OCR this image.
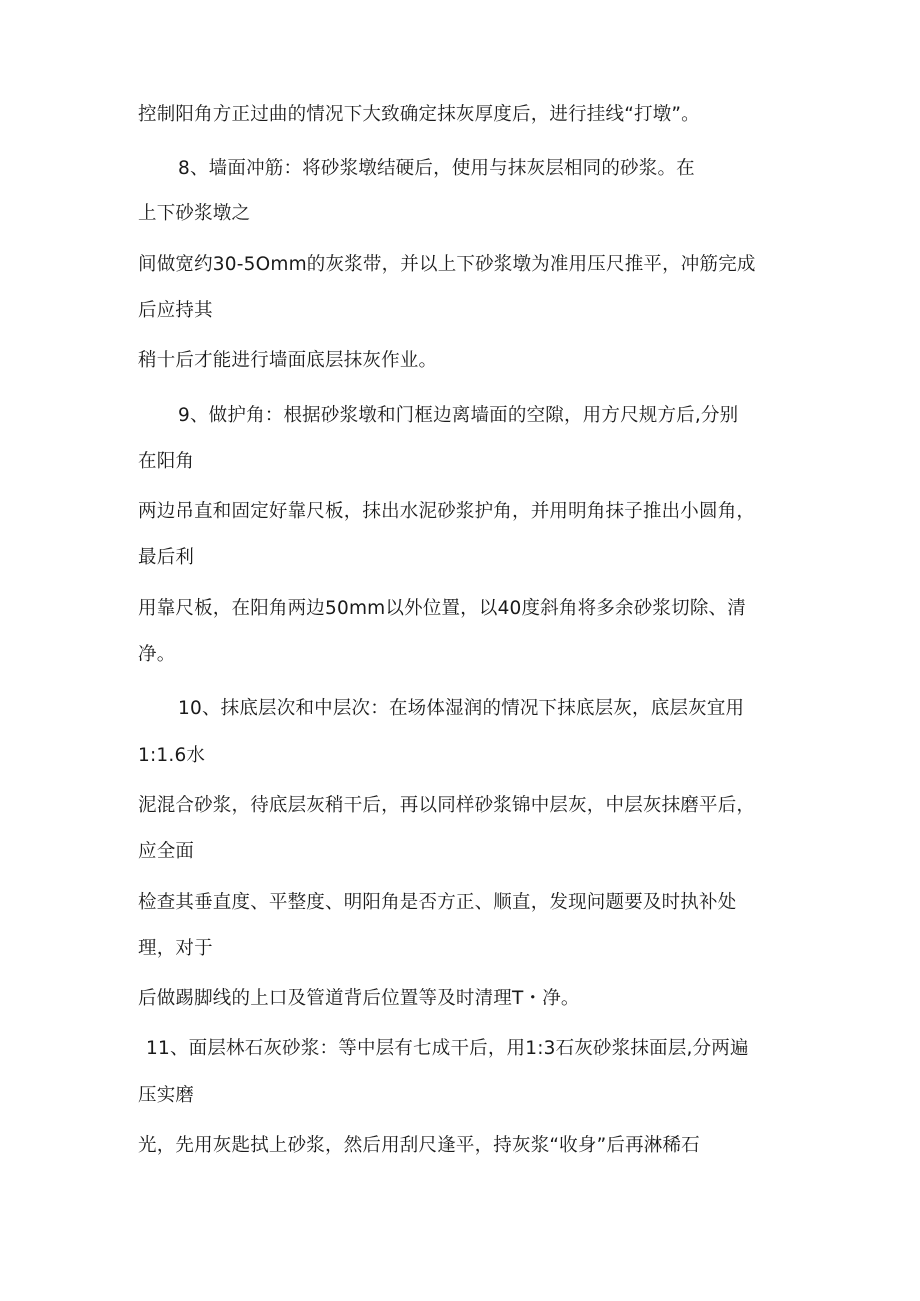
控制阳角方正过曲的情况下大致确定抹灰厚度后，进行挂线“打墩”。
8、墙面冲筋：将砂浆墩结硬后，使用与抹灰层相同的砂浆。在
上下砂浆墩之
间做宽约30-5Omm的灰浆带，并以上下砂浆墩为准用压尺推平，冲筋完成
后应持其
稍十后才能进行墙面底层抹灰作业。
9、做护角：根据砂浆墩和门框边离墙面的空隙，用方尺规方后,分别
在阳角
两边吊直和固定好靠尺板，抹出水泥砂浆护角，并用明角抹子推出小圆角，
最后利
用靠尺板，在阳角两边50mm以外位置，以40度斜角将多余砂浆切除、清
净。
10、抹底层次和中层次：在场体湿润的情况下抹底层灰，底层灰宜用
1:1.6水
泥混合砂浆，待底层灰稍干后，再以同样砂浆锦中层灰，中层灰抹磨平后，
应全面
检查其垂直度、平整度、明阳角是否方正、顺直，发现问题要及时执补处
理，对于
后做踢脚线的上口及管道背后位置等及时清理T・净。
11、面层林石灰砂浆：等中层有七成干后，用1:3石灰砂浆抹面层,分两遍
压实磨
光，先用灰匙拭上砂浆，然后用刮尺逢平，持灰浆“收身”后再淋稀石
